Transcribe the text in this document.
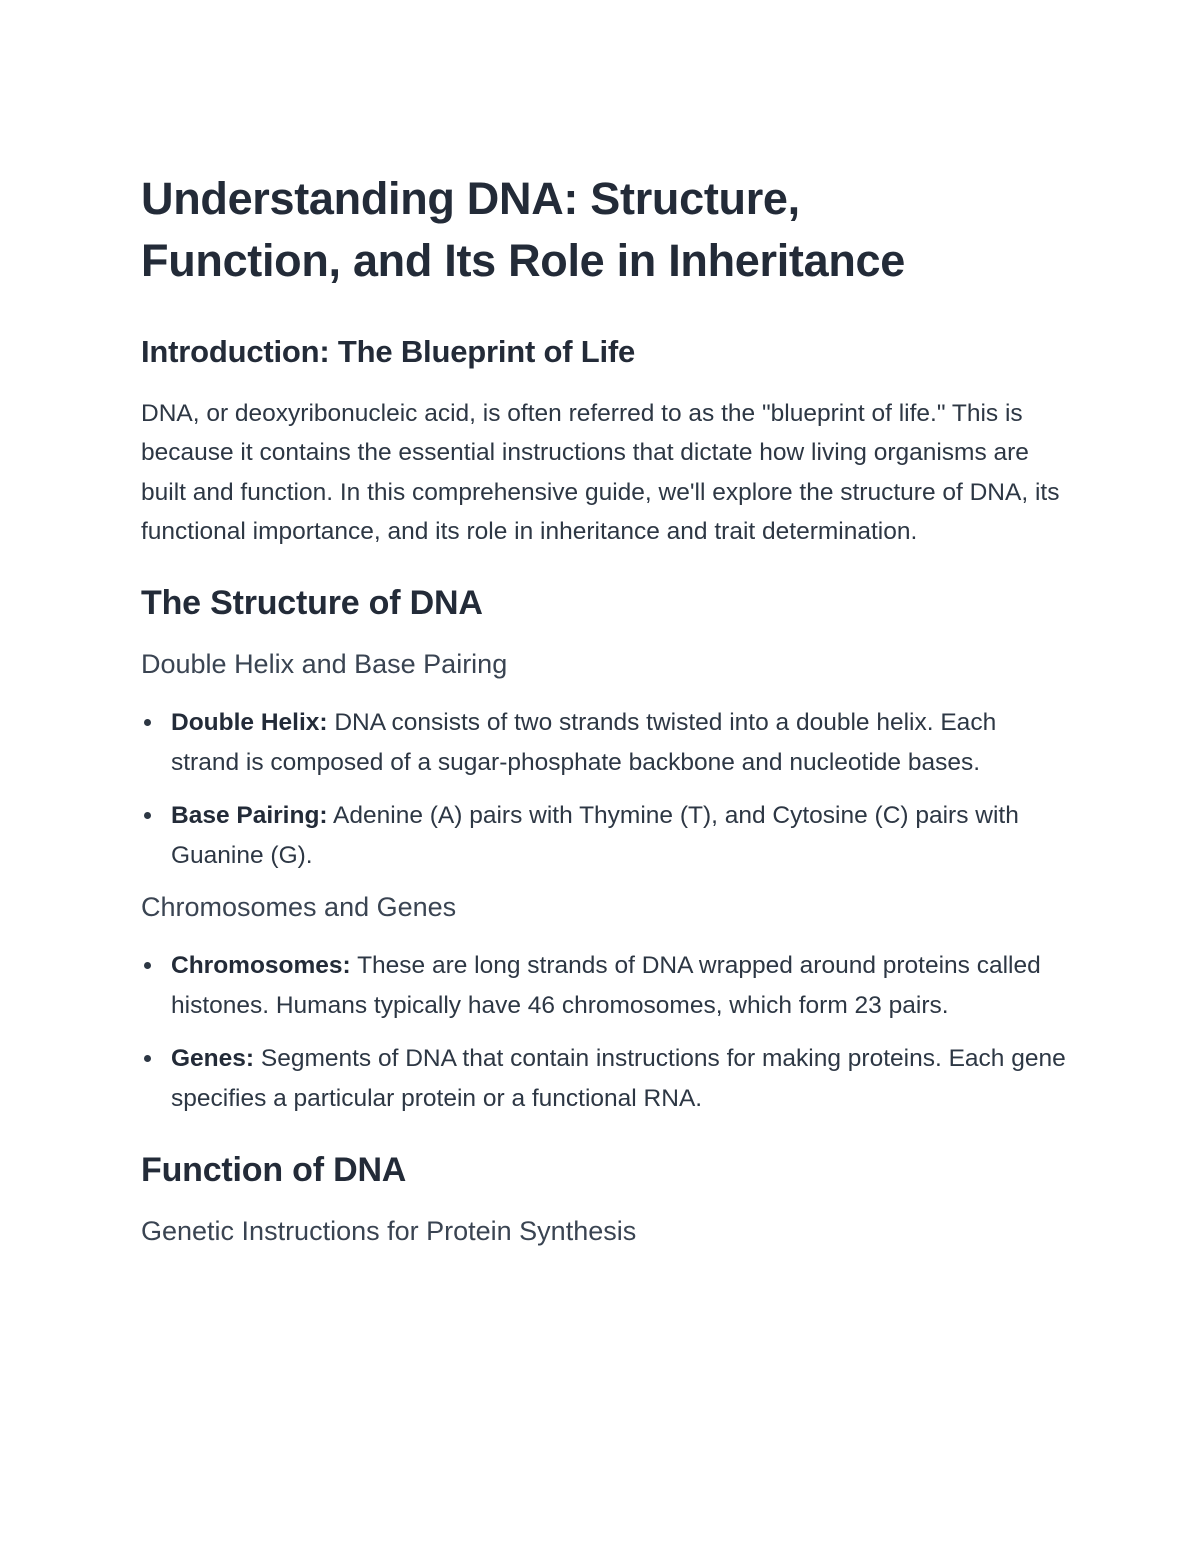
Understanding DNA: Structure,
Function, and Its Role in Inheritance
Introduction: The Blueprint of Life

DNA, or deoxyribonucleic acid, is often referred to as the "blueprint of life." This is because it contains the essential instructions that dictate how living organisms are built and function. In this comprehensive guide, we'll explore the structure of DNA, its functional importance, and its role in inheritance and trait determination.

The Structure of DNA
Double Helix and Base Pairing
Double Helix: DNA consists of two strands twisted into a double helix. Each strand is composed of a sugar-phosphate backbone and nucleotide bases.
Base Pairing: Adenine (A) pairs with Thymine (T), and Cytosine (C) pairs with Guanine (G).
Chromosomes and Genes
Chromosomes: These are long strands of DNA wrapped around proteins called histones. Humans typically have 46 chromosomes, which form 23 pairs.
Genes: Segments of DNA that contain instructions for making proteins. Each gene specifies a particular protein or a functional RNA.
Function of DNA
Genetic Instructions for Protein Synthesis
